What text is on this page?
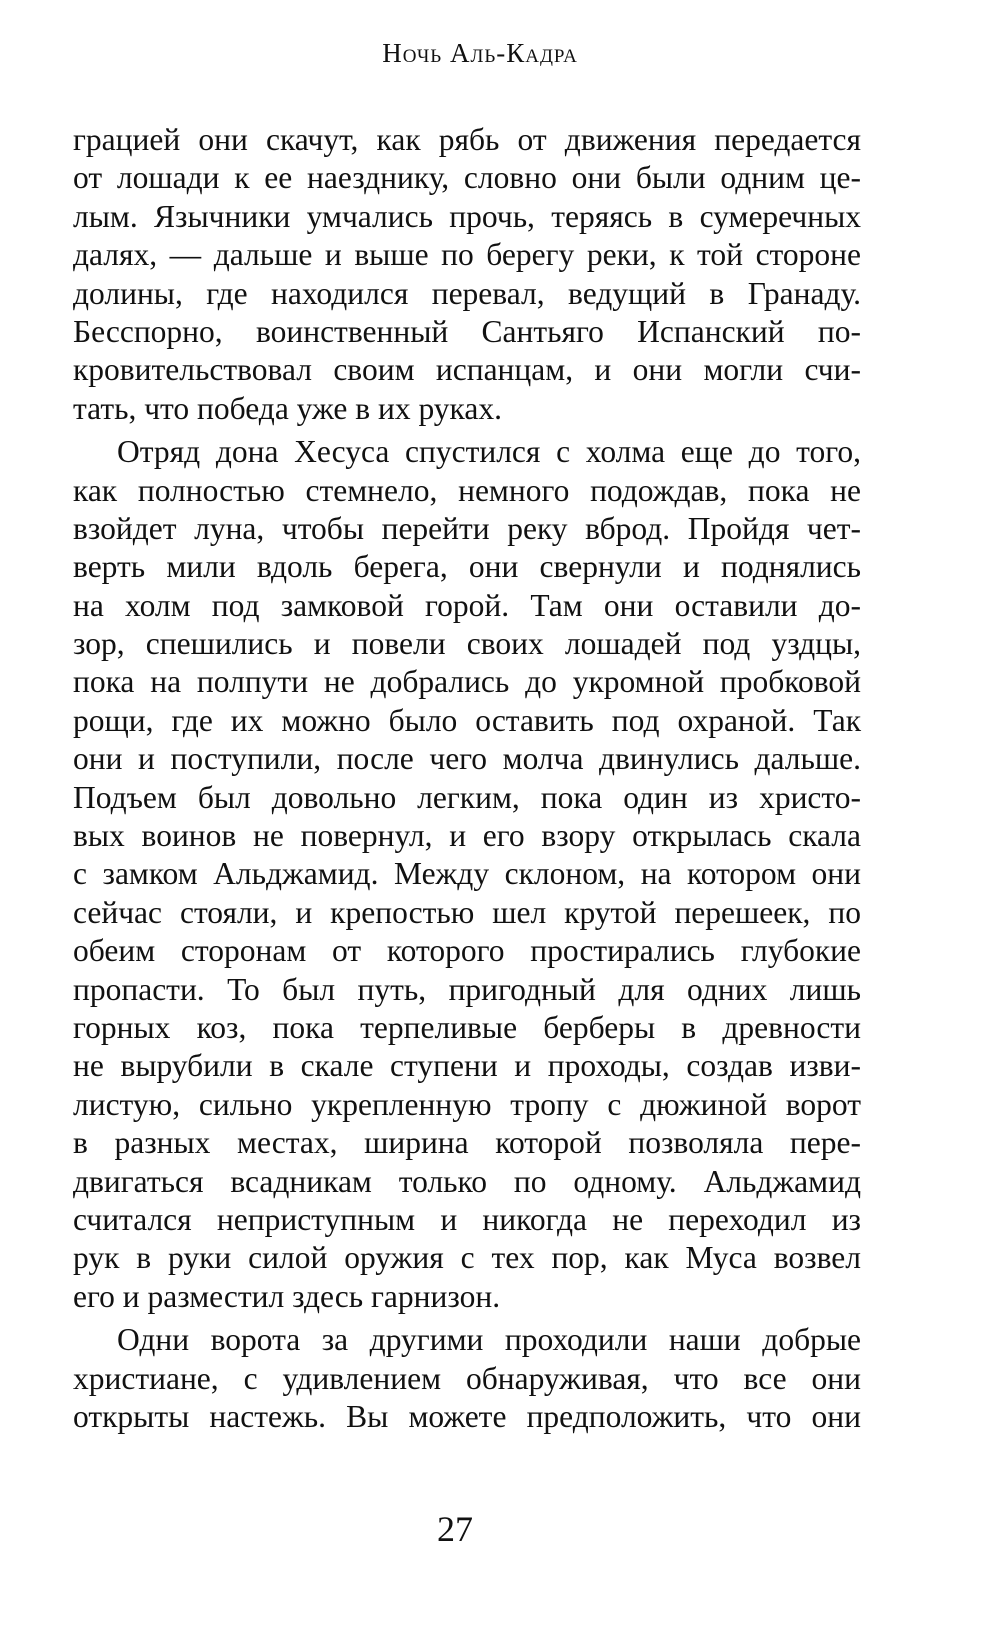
Ночь Аль-Кадра
грацией они скачут, как рябь от движения передается
от лошади к ее наезднику, словно они были одним це-
лым. Язычники умчались прочь, теряясь в сумеречных
далях, — дальше и выше по берегу реки, к той стороне
долины, где находился перевал, ведущий в Гранаду.
Бесспорно, воинственный Сантьяго Испанский по-
кровительствовал своим испанцам, и они могли счи-
тать, что победа уже в их руках.
Отряд дона Хесуса спустился с холма еще до того,
как полностью стемнело, немного подождав, пока не
взойдет луна, чтобы перейти реку вброд. Пройдя чет-
верть мили вдоль берега, они свернули и поднялись
на холм под замковой горой. Там они оставили до-
зор, спешились и повели своих лошадей под уздцы,
пока на полпути не добрались до укромной пробковой
рощи, где их можно было оставить под охраной. Так
они и поступили, после чего молча двинулись дальше.
Подъем был довольно легким, пока один из христо-
вых воинов не повернул, и его взору открылась скала
с замком Альджамид. Между склоном, на котором они
сейчас стояли, и крепостью шел крутой перешеек, по
обеим сторонам от которого простирались глубокие
пропасти. То был путь, пригодный для одних лишь
горных коз, пока терпеливые берберы в древности
не вырубили в скале ступени и проходы, создав изви-
листую, сильно укрепленную тропу с дюжиной ворот
в разных местах, ширина которой позволяла пере-
двигаться всадникам только по одному. Альджамид
считался неприступным и никогда не переходил из
рук в руки силой оружия с тех пор, как Муса возвел
его и разместил здесь гарнизон.
Одни ворота за другими проходили наши добрые
христиане, с удивлением обнаруживая, что все они
открыты настежь. Вы можете предположить, что они
27
